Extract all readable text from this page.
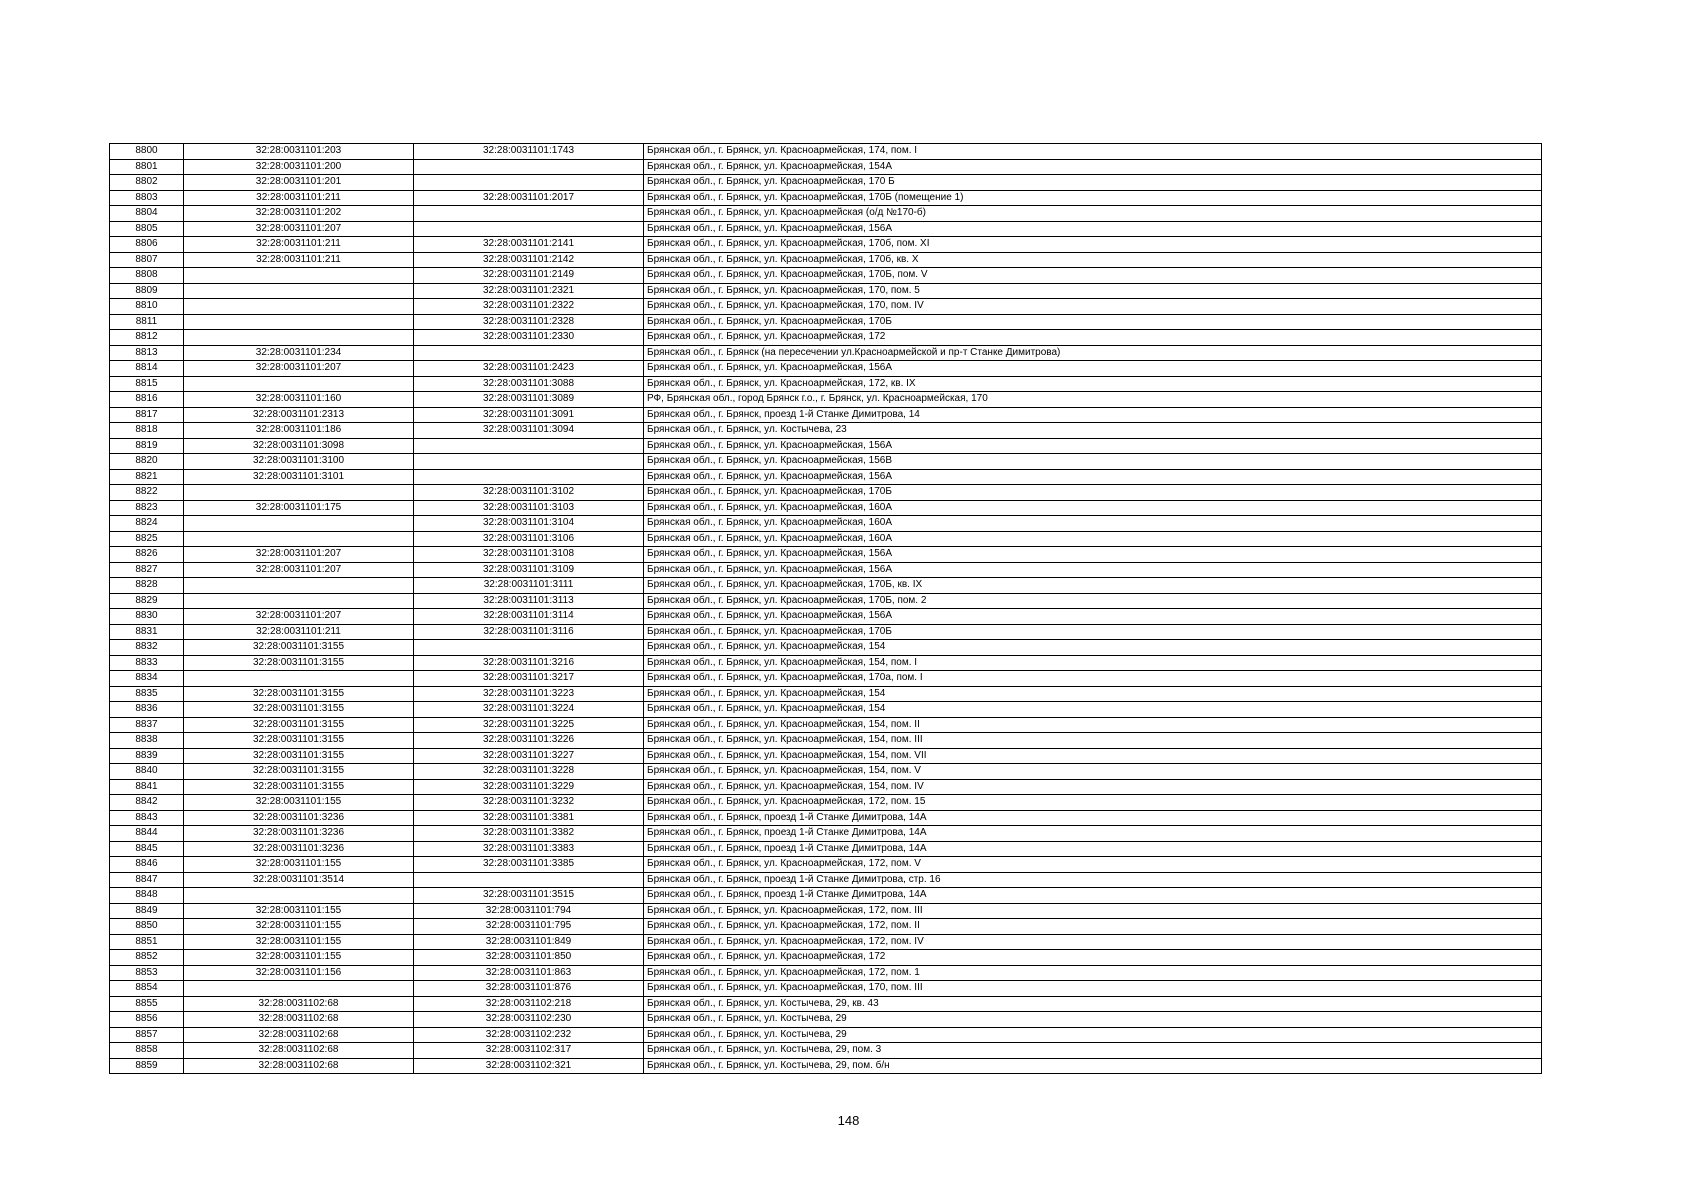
8800	32:28:0031101:203	32:28:0031101:1743	Брянская обл., г. Брянск, ул. Красноармейская, 174, пом. I
8801	32:28:0031101:200		Брянская обл., г. Брянск, ул. Красноармейская, 154А
8802	32:28:0031101:201		Брянская обл., г. Брянск, ул. Красноармейская, 170 Б
8803	32:28:0031101:211	32:28:0031101:2017	Брянская обл., г. Брянск, ул. Красноармейская, 170Б (помещение 1)
8804	32:28:0031101:202		Брянская обл., г. Брянск, ул. Красноармейская (о/д №170-б)
8805	32:28:0031101:207		Брянская обл., г. Брянск, ул. Красноармейская, 156А
8806	32:28:0031101:211	32:28:0031101:2141	Брянская обл., г. Брянск, ул. Красноармейская, 170б, пом. XI
8807	32:28:0031101:211	32:28:0031101:2142	Брянская обл., г. Брянск, ул. Красноармейская, 170б, кв. Х
8808		32:28:0031101:2149	Брянская обл., г. Брянск, ул. Красноармейская, 170Б, пом. V
8809		32:28:0031101:2321	Брянская обл., г. Брянск, ул. Красноармейская, 170, пом. 5
8810		32:28:0031101:2322	Брянская обл., г. Брянск, ул. Красноармейская, 170, пом. IV
8811		32:28:0031101:2328	Брянская обл., г. Брянск, ул. Красноармейская, 170Б
8812		32:28:0031101:2330	Брянская обл., г. Брянск, ул. Красноармейская, 172
8813	32:28:0031101:234		Брянская обл., г. Брянск (на пересечении ул.Красноармейской и пр-т Станке Димитрова)
8814	32:28:0031101:207	32:28:0031101:2423	Брянская обл., г. Брянск, ул. Красноармейская, 156А
8815		32:28:0031101:3088	Брянская обл., г. Брянск, ул. Красноармейская, 172, кв. IX
8816	32:28:0031101:160	32:28:0031101:3089	РФ, Брянская обл., город Брянск г.о., г. Брянск, ул. Красноармейская, 170
8817	32:28:0031101:2313	32:28:0031101:3091	Брянская обл., г. Брянск, проезд 1-й Станке Димитрова, 14
8818	32:28:0031101:186	32:28:0031101:3094	Брянская обл., г. Брянск, ул. Костычева, 23
8819	32:28:0031101:3098		Брянская обл., г. Брянск, ул. Красноармейская, 156А
8820	32:28:0031101:3100		Брянская обл., г. Брянск, ул. Красноармейская, 156В
8821	32:28:0031101:3101		Брянская обл., г. Брянск, ул. Красноармейская, 156А
8822		32:28:0031101:3102	Брянская обл., г. Брянск, ул. Красноармейская, 170Б
8823	32:28:0031101:175	32:28:0031101:3103	Брянская обл., г. Брянск, ул. Красноармейская, 160А
8824		32:28:0031101:3104	Брянская обл., г. Брянск, ул. Красноармейская, 160А
8825		32:28:0031101:3106	Брянская обл., г. Брянск, ул. Красноармейская, 160А
8826	32:28:0031101:207	32:28:0031101:3108	Брянская обл., г. Брянск, ул. Красноармейская, 156А
8827	32:28:0031101:207	32:28:0031101:3109	Брянская обл., г. Брянск, ул. Красноармейская, 156А
8828		32:28:0031101:3111	Брянская обл., г. Брянск, ул. Красноармейская, 170Б, кв. IX
8829		32:28:0031101:3113	Брянская обл., г. Брянск, ул. Красноармейская, 170Б, пом. 2
8830	32:28:0031101:207	32:28:0031101:3114	Брянская обл., г. Брянск, ул. Красноармейская, 156А
8831	32:28:0031101:211	32:28:0031101:3116	Брянская обл., г. Брянск, ул. Красноармейская, 170Б
8832	32:28:0031101:3155		Брянская обл., г. Брянск, ул. Красноармейская, 154
8833	32:28:0031101:3155	32:28:0031101:3216	Брянская обл., г. Брянск, ул. Красноармейская, 154, пом. I
8834		32:28:0031101:3217	Брянская обл., г. Брянск, ул. Красноармейская, 170а, пом. I
8835	32:28:0031101:3155	32:28:0031101:3223	Брянская обл., г. Брянск, ул. Красноармейская, 154
8836	32:28:0031101:3155	32:28:0031101:3224	Брянская обл., г. Брянск, ул. Красноармейская, 154
8837	32:28:0031101:3155	32:28:0031101:3225	Брянская обл., г. Брянск, ул. Красноармейская, 154, пом. II
8838	32:28:0031101:3155	32:28:0031101:3226	Брянская обл., г. Брянск, ул. Красноармейская, 154, пом. III
8839	32:28:0031101:3155	32:28:0031101:3227	Брянская обл., г. Брянск, ул. Красноармейская, 154, пом. VII
8840	32:28:0031101:3155	32:28:0031101:3228	Брянская обл., г. Брянск, ул. Красноармейская, 154, пом. V
8841	32:28:0031101:3155	32:28:0031101:3229	Брянская обл., г. Брянск, ул. Красноармейская, 154, пом. IV
8842	32:28:0031101:155	32:28:0031101:3232	Брянская обл., г. Брянск, ул. Красноармейская, 172, пом. 15
8843	32:28:0031101:3236	32:28:0031101:3381	Брянская обл., г. Брянск, проезд 1-й Станке Димитрова, 14А
8844	32:28:0031101:3236	32:28:0031101:3382	Брянская обл., г. Брянск, проезд 1-й Станке Димитрова, 14А
8845	32:28:0031101:3236	32:28:0031101:3383	Брянская обл., г. Брянск, проезд 1-й Станке Димитрова, 14А
8846	32:28:0031101:155	32:28:0031101:3385	Брянская обл., г. Брянск, ул. Красноармейская, 172, пом. V
8847	32:28:0031101:3514		Брянская обл., г. Брянск, проезд 1-й Станке Димитрова, стр. 16
8848		32:28:0031101:3515	Брянская обл., г. Брянск, проезд 1-й Станке Димитрова, 14А
8849	32:28:0031101:155	32:28:0031101:794	Брянская обл., г. Брянск, ул. Красноармейская, 172, пом. III
8850	32:28:0031101:155	32:28:0031101:795	Брянская обл., г. Брянск, ул. Красноармейская, 172, пом. II
8851	32:28:0031101:155	32:28:0031101:849	Брянская обл., г. Брянск, ул. Красноармейская, 172, пом. IV
8852	32:28:0031101:155	32:28:0031101:850	Брянская обл., г. Брянск, ул. Красноармейская, 172
8853	32:28:0031101:156	32:28:0031101:863	Брянская обл., г. Брянск, ул. Красноармейская, 172, пом. 1
8854		32:28:0031101:876	Брянская обл., г. Брянск, ул. Красноармейская, 170, пом. III
8855	32:28:0031102:68	32:28:0031102:218	Брянская обл., г. Брянск, ул. Костычева, 29, кв. 43
8856	32:28:0031102:68	32:28:0031102:230	Брянская обл., г. Брянск, ул. Костычева, 29
8857	32:28:0031102:68	32:28:0031102:232	Брянская обл., г. Брянск, ул. Костычева, 29
8858	32:28:0031102:68	32:28:0031102:317	Брянская обл., г. Брянск, ул. Костычева, 29, пом. 3
8859	32:28:0031102:68	32:28:0031102:321	Брянская обл., г. Брянск, ул. Костычева, 29, пом. б/н
148
